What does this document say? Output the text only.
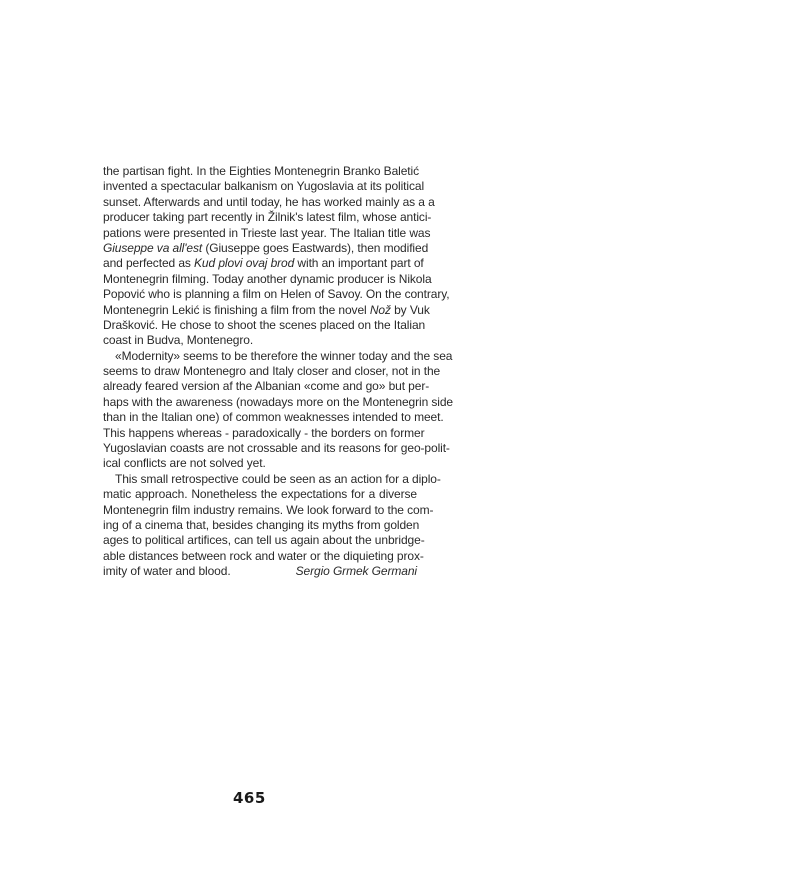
the partisan fight. In the Eighties Montenegrin Branko Baletić
invented a spectacular balkanism on Yugoslavia at its political
sunset. Afterwards and until today, he has worked mainly as a a
producer taking part recently in Žilnik's latest film, whose antici-
pations were presented in Trieste last year. The Italian title was
Giuseppe va all'est (Giuseppe goes Eastwards), then modified
and perfected as Kud plovi ovaj brod with an important part of
Montenegrin filming. Today another dynamic producer is Nikola
Popović who is planning a film on Helen of Savoy. On the contrary,
Montenegrin Lekić is finishing a film from the novel Nož by Vuk
Drašković. He chose to shoot the scenes placed on the Italian
coast in Budva, Montenegro.
«Modernity» seems to be therefore the winner today and the sea
seems to draw Montenegro and Italy closer and closer, not in the
already feared version af the Albanian «come and go» but per-
haps with the awareness (nowadays more on the Montenegrin side
than in the Italian one) of common weaknesses intended to meet.
This happens whereas - paradoxically - the borders on former
Yugoslavian coasts are not crossable and its reasons for geo-polit-
ical conflicts are not solved yet.
This small retrospective could be seen as an action for a diplo-
matic approach. Nonetheless the expectations for a diverse
Montenegrin film industry remains. We look forward to the com-
ing of a cinema that, besides changing its myths from golden
ages to political artifices, can tell us again about the unbridge-
able distances between rock and water or the diquieting prox-
imity of water and blood.	Sergio Grmek Germani
465
